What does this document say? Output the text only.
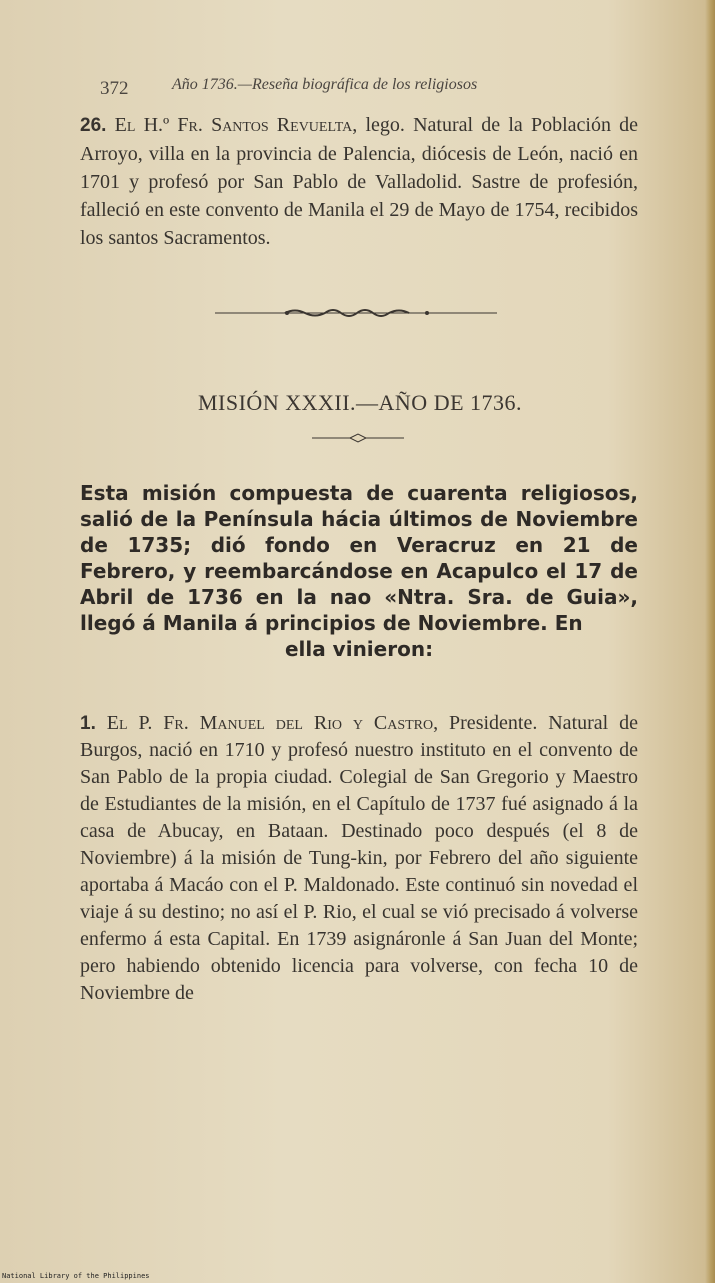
372	Año 1736.—Reseña biográfica de los religiosos
26. El H.º Fr. Santos Revuelta, lego. Natural de la Población de Arroyo, villa en la provincia de Palencia, diócesis de León, nació en 1701 y profesó por San Pablo de Valladolid. Sastre de profesión, falleció en este convento de Manila el 29 de Mayo de 1754, recibidos los santos Sacramentos.
MISIÓN XXXII.—AÑO DE 1736.
Esta misión compuesta de cuarenta religiosos, salió de la Península hácia últimos de Noviembre de 1735; dió fondo en Veracruz en 21 de Febrero, y reembarcándose en Acapulco el 17 de Abril de 1736 en la nao «Ntra. Sra. de Guia», llegó á Manila á principios de Noviembre. En
ella vinieron:
1. El P. Fr. Manuel del Rio y Castro, Presidente. Natural de Burgos, nació en 1710 y profesó nuestro instituto en el convento de San Pablo de la propia ciudad. Colegial de San Gregorio y Maestro de Estudiantes de la misión, en el Capítulo de 1737 fué asignado á la casa de Abucay, en Bataan. Destinado poco después (el 8 de Noviembre) á la misión de Tung-kin, por Febrero del año siguiente aportaba á Macáo con el P. Maldonado. Este continuó sin novedad el viaje á su destino; no así el P. Rio, el cual se vió precisado á volverse enfermo á esta Capital. En 1739 asignáronle á San Juan del Monte; pero habiendo obtenido licencia para volverse, con fecha 10 de Noviembre de
National Library of the Philippines
